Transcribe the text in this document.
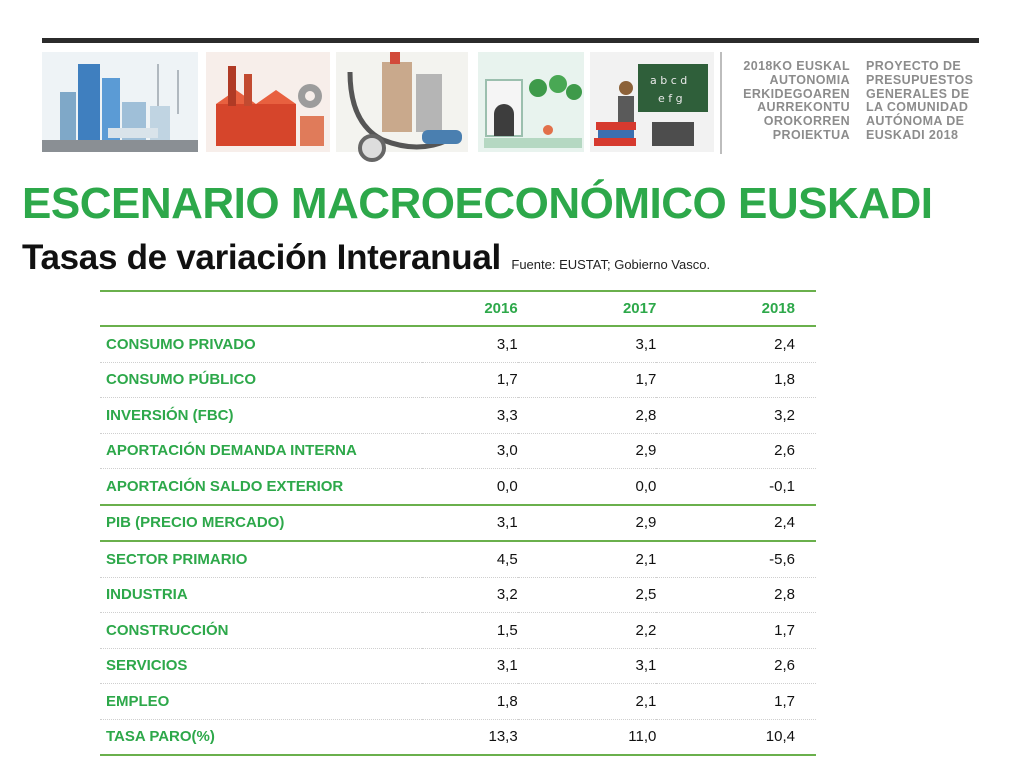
a b c d
e f g
2018KO EUSKAL
AUTONOMIA
ERKIDEGOAREN
AURREKONTU
OROKORREN
PROIEKTUA
PROYECTO DE
PRESUPUESTOS
GENERALES DE
LA COMUNIDAD
AUTÓNOMA DE
EUSKADI 2018
ESCENARIO MACROECONÓMICO EUSKADI
Tasas de variación Interanual Fuente: EUSTAT; Gobierno Vasco.
	2016	2017	2018
CONSUMO PRIVADO	3,1	3,1	2,4
CONSUMO PÚBLICO	1,7	1,7	1,8
INVERSIÓN (FBC)	3,3	2,8	3,2
APORTACIÓN DEMANDA INTERNA	3,0	2,9	2,6
APORTACIÓN SALDO EXTERIOR	0,0	0,0	-0,1
PIB (PRECIO MERCADO)	3,1	2,9	2,4
SECTOR PRIMARIO	4,5	2,1	-5,6
INDUSTRIA	3,2	2,5	2,8
CONSTRUCCIÓN	1,5	2,2	1,7
SERVICIOS	3,1	3,1	2,6
EMPLEO	1,8	2,1	1,7
TASA PARO(%)	13,3	11,0	10,4
